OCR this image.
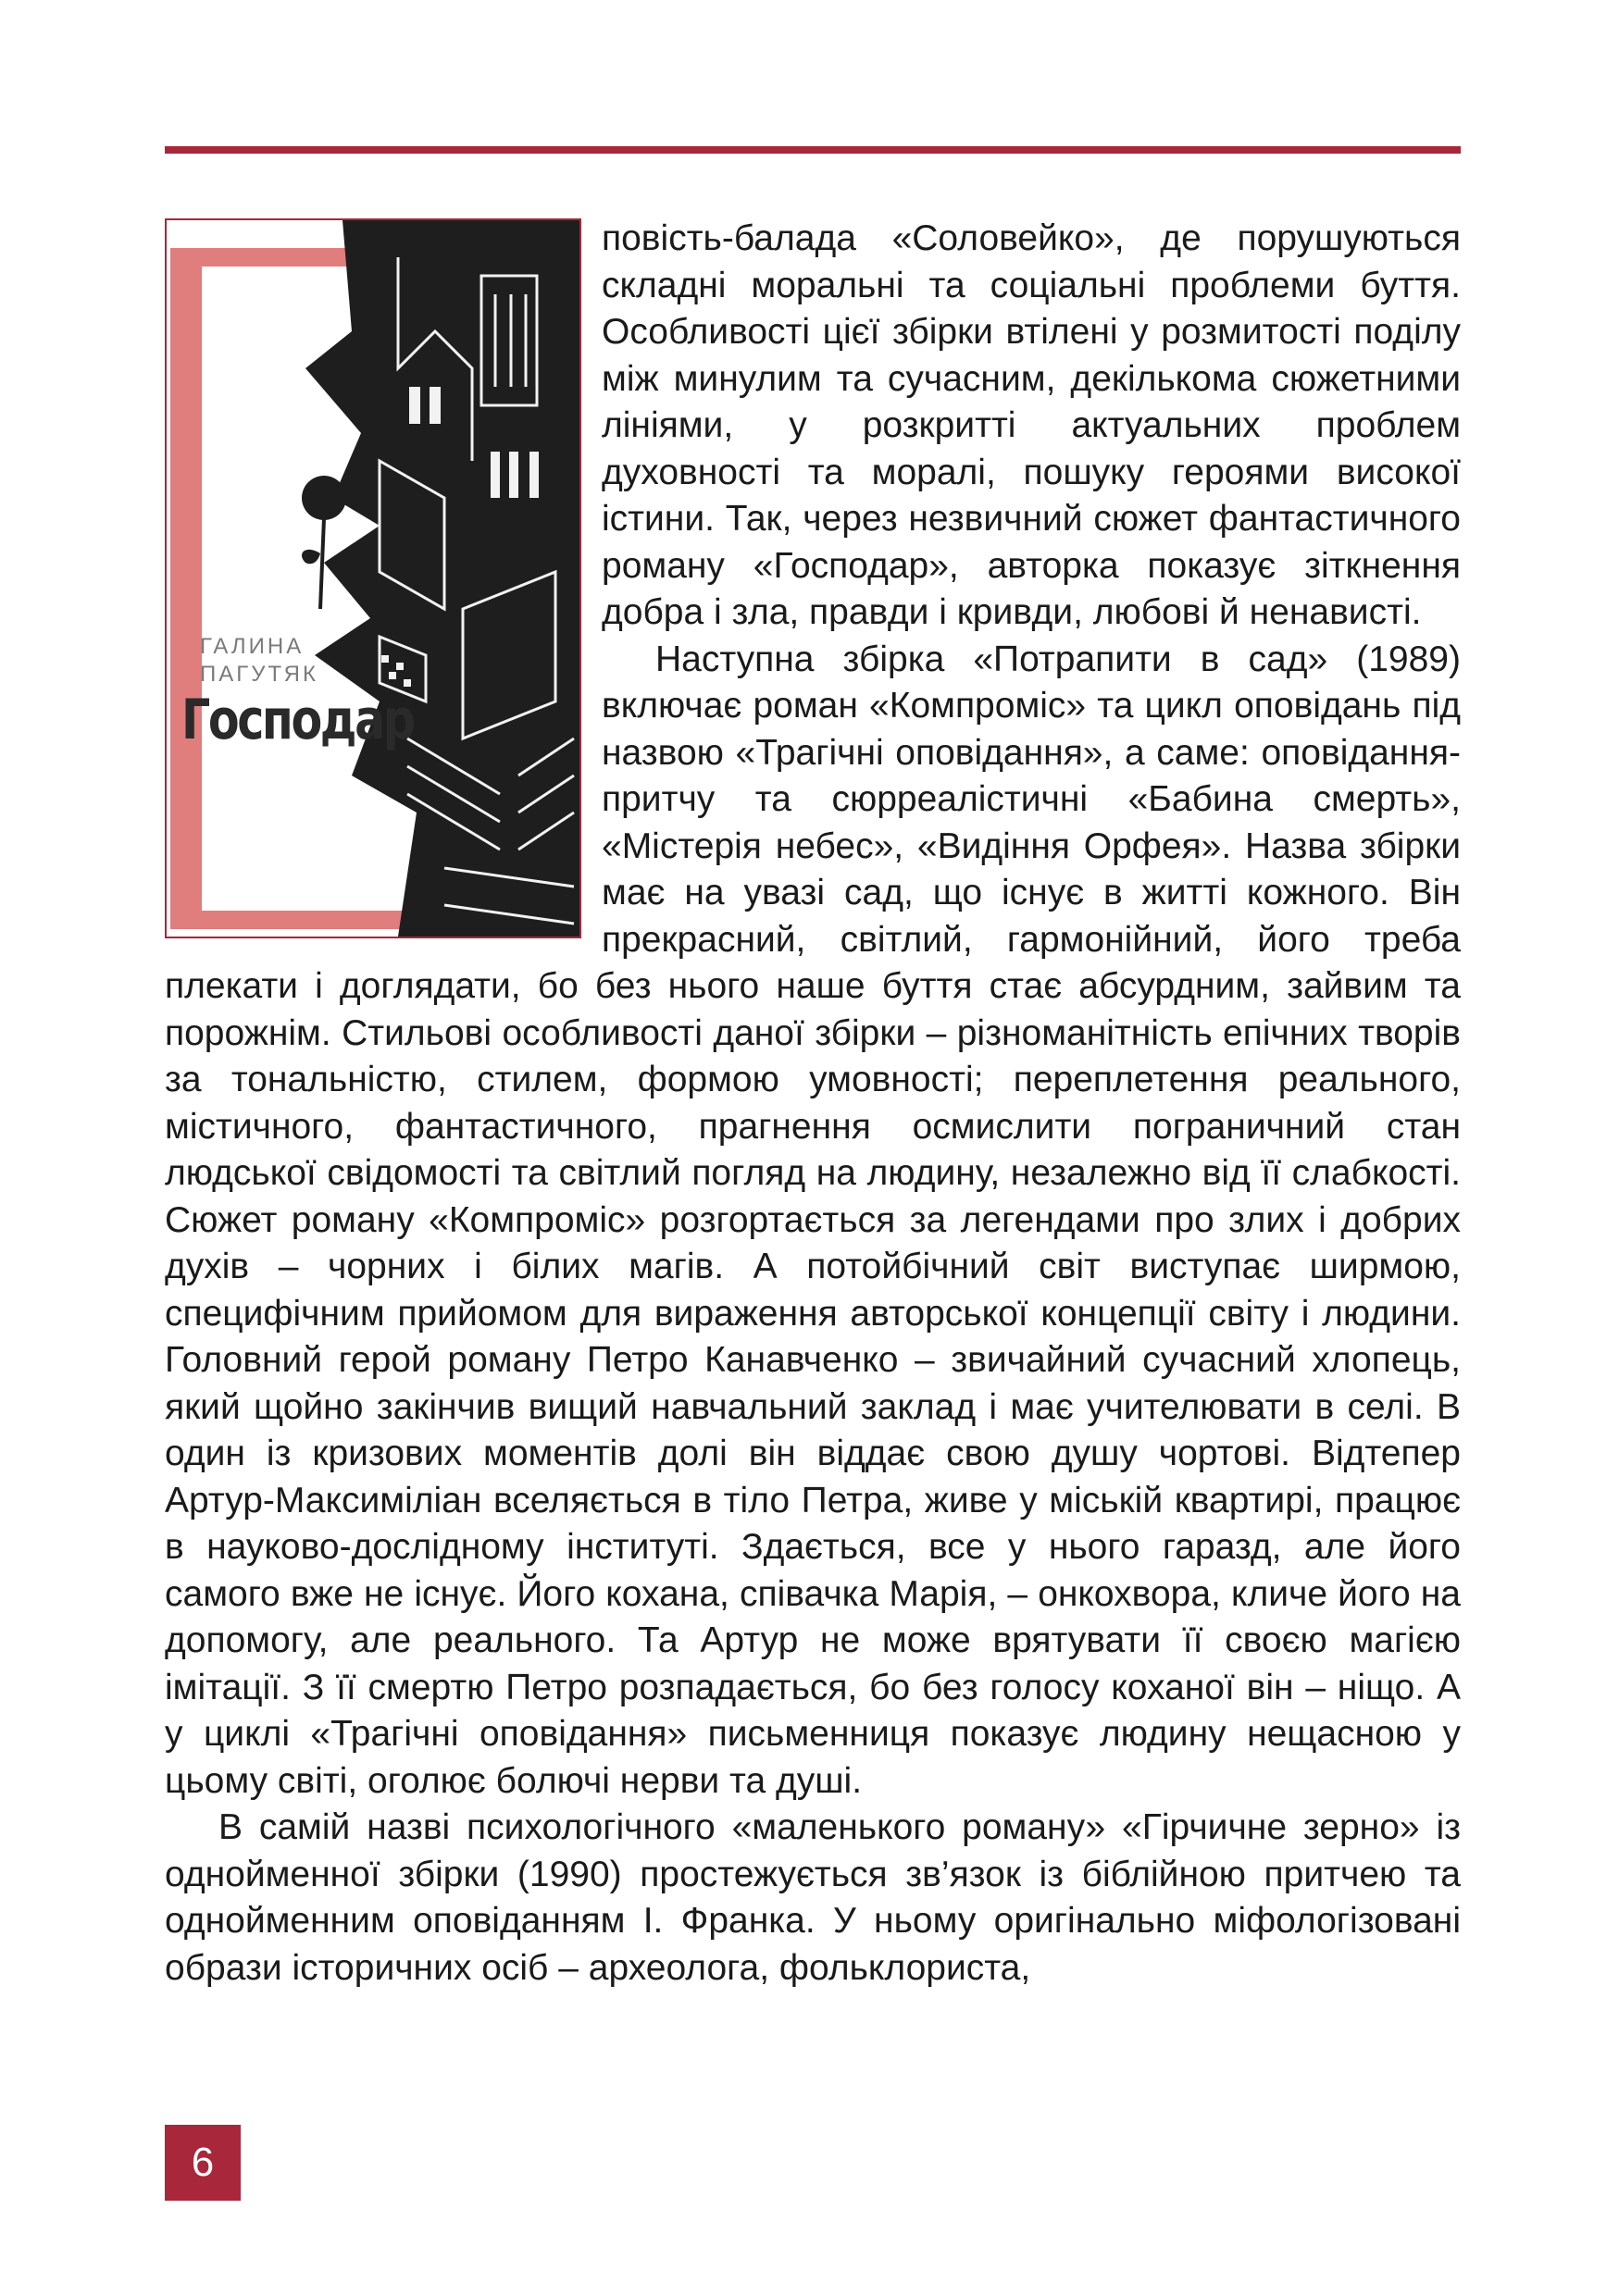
ГАЛИНА
ПАГУТЯК
Господар

повість-балада «Соловейко», де порушуються складні моральні та соціальні проблеми буття. Особливості цієї збірки втілені у розмитості поділу між минулим та сучасним, декількома сюжетними лініями, у розкритті актуальних проблем духовності та моралі, пошуку героями високої істини. Так, через незвичний сюжет фантастичного роману «Господар», авторка показує зіткнення добра і зла, правди і кривди, любові й ненависті.

Наступна збірка «Потрапити в сад» (1989) включає роман «Компроміс» та цикл оповідань під назвою «Трагічні оповідання», а саме: оповідання-притчу та сюрреалістичні «Бабина смерть», «Містерія небес», «Видіння Орфея». Назва збірки має на увазі сад, що існує в житті кожного. Він прекрасний, світлий, гармонійний, його треба плекати і доглядати, бо без нього наше буття стає абсурдним, зайвим та порожнім. Стильові особливості даної збірки – різноманітність епічних творів за тональністю, стилем, формою умовності; переплетення реального, містичного, фантастичного, прагнення осмислити пограничний стан людської свідомості та світлий погляд на людину, незалежно від її слабкості. Сюжет роману «Компроміс» розгортається за легендами про злих і добрих духів – чорних і білих магів. А потойбічний світ виступає ширмою, специфічним прийомом для вираження авторської концепції світу і людини. Головний герой роману Петро Канавченко – звичайний сучасний хлопець, який щойно закінчив вищий навчальний заклад і має учителювати в селі. В один із кризових моментів долі він віддає свою душу чортові. Відтепер Артур-Максиміліан вселяється в тіло Петра, живе у міській квартирі, працює в науково-дослідному інституті. Здається, все у нього гаразд, але його самого вже не існує. Його кохана, співачка Марія, – онкохвора, кличе його на допомогу, але реального. Та Артур не може врятувати її своєю магією імітації. З її смертю Петро розпадається, бо без голосу коханої він – ніщо. А у циклі «Трагічні оповідання» письменниця показує людину нещасною у цьому світі, оголює болючі нерви та душі.

В самій назві психологічного «маленького роману» «Гірчичне зерно» із однойменної збірки (1990) простежується зв’язок із біблійною притчею та однойменним оповіданням І. Франка. У ньому оригінально міфологізовані образи історичних осіб – археолога, фольклориста,

6
